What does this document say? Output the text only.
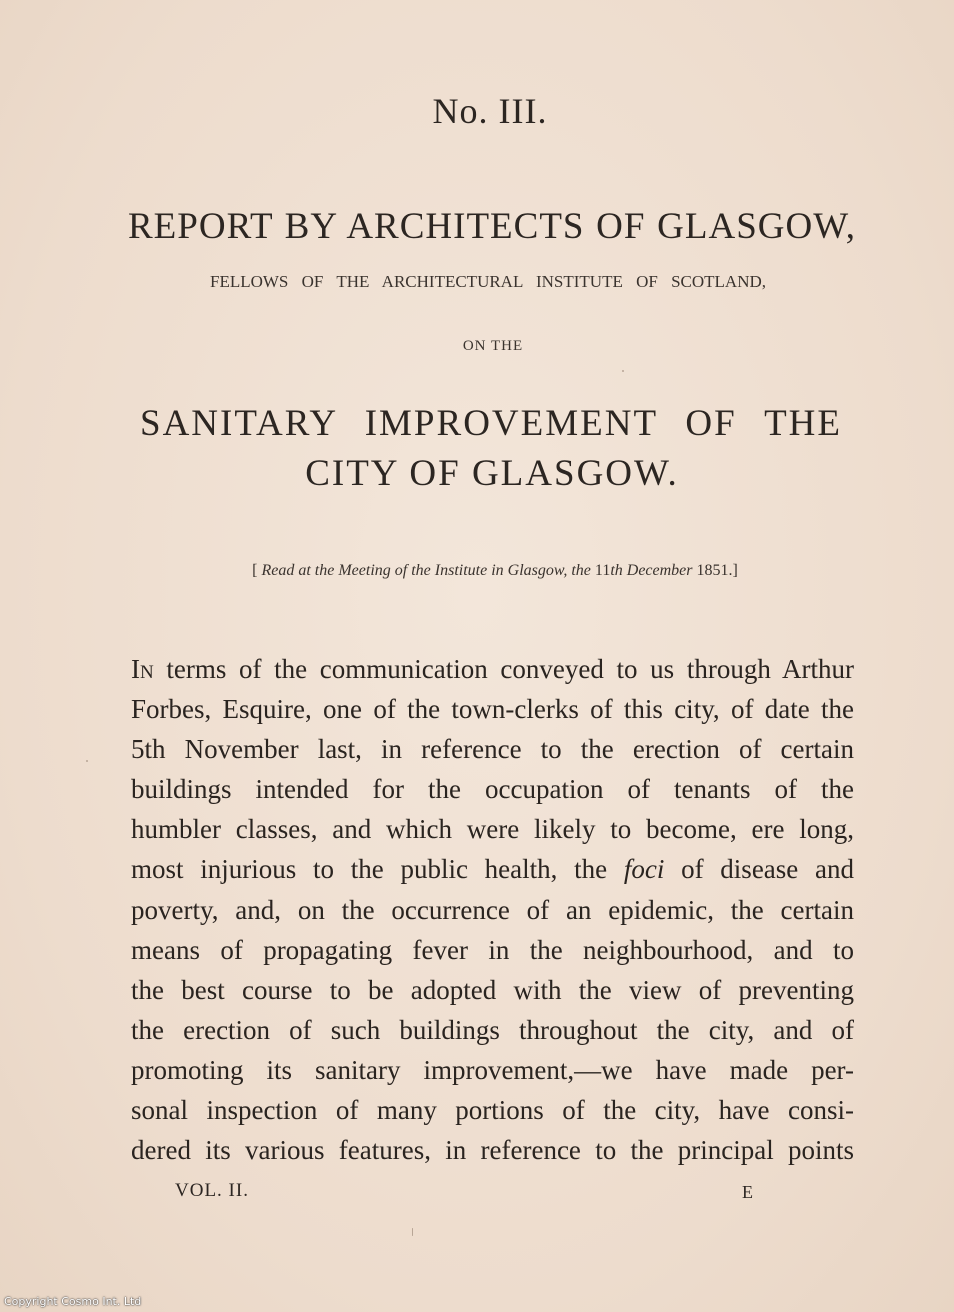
No. III.
REPORT BY ARCHITECTS OF GLASGOW,
FELLOWS OF THE ARCHITECTURAL INSTITUTE OF SCOTLAND,
ON THE
SANITARY IMPROVEMENT OF THE
CITY OF GLASGOW.
[ Read at the Meeting of the Institute in Glasgow, the 11th December 1851.]
In terms of the communication conveyed to us through Arthur
Forbes, Esquire, one of the town-clerks of this city, of date the
5th November last, in reference to the erection of certain
buildings intended for the occupation of tenants of the
humbler classes, and which were likely to become, ere long,
most injurious to the public health, the foci of disease and
poverty, and, on the occurrence of an epidemic, the certain
means of propagating fever in the neighbourhood, and to
the best course to be adopted with the view of preventing
the erection of such buildings throughout the city, and of
promoting its sanitary improvement,—we have made per-
sonal inspection of many portions of the city, have consi-
dered its various features, in reference to the principal points
VOL. II.	E
Copyright Cosmo Int. Ltd
